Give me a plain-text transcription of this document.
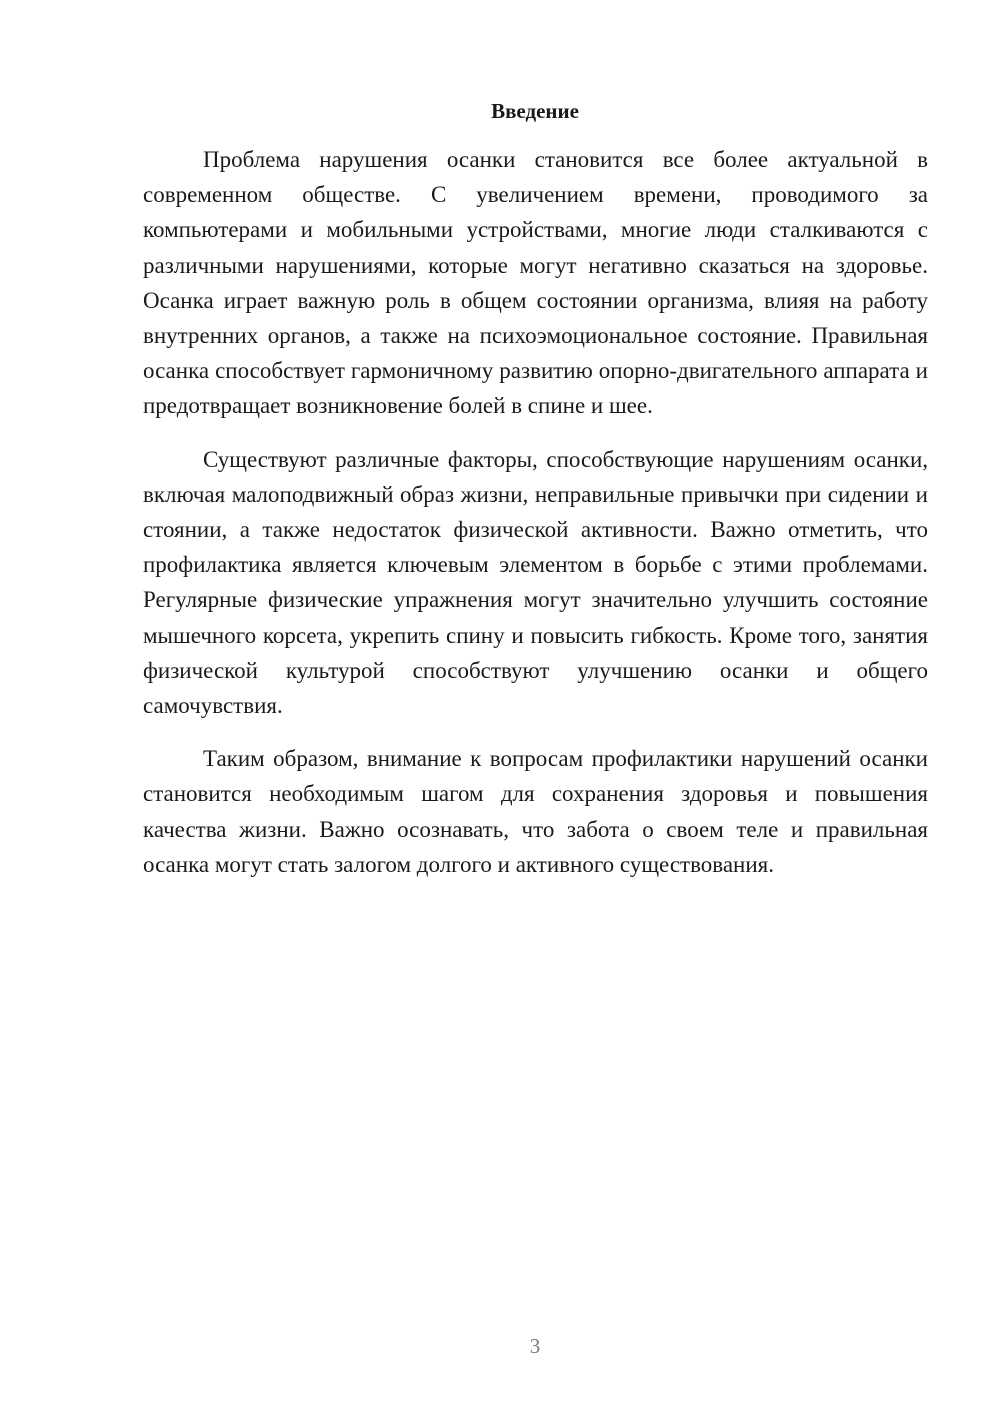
Введение

Проблема нарушения осанки становится все более актуальной в современном обществе. С увеличением времени, проводимого за компьютерами и мобильными устройствами, многие люди сталкиваются с различными нарушениями, которые могут негативно сказаться на здоровье. Осанка играет важную роль в общем состоянии организма, влияя на работу внутренних органов, а также на психоэмоциональное состояние. Правильная осанка способствует гармоничному развитию опорно-двигательного аппарата и предотвращает возникновение болей в спине и шее.

Существуют различные факторы, способствующие нарушениям осанки, включая малоподвижный образ жизни, неправильные привычки при сидении и стоянии, а также недостаток физической активности. Важно отметить, что профилактика является ключевым элементом в борьбе с этими проблемами. Регулярные физические упражнения могут значительно улучшить состояние мышечного корсета, укрепить спину и повысить гибкость. Кроме того, занятия физической культурой способствуют улучшению осанки и общего самочувствия.

Таким образом, внимание к вопросам профилактики нарушений осанки становится необходимым шагом для сохранения здоровья и повышения качества жизни. Важно осознавать, что забота о своем теле и правильная осанка могут стать залогом долгого и активного существования.

3
